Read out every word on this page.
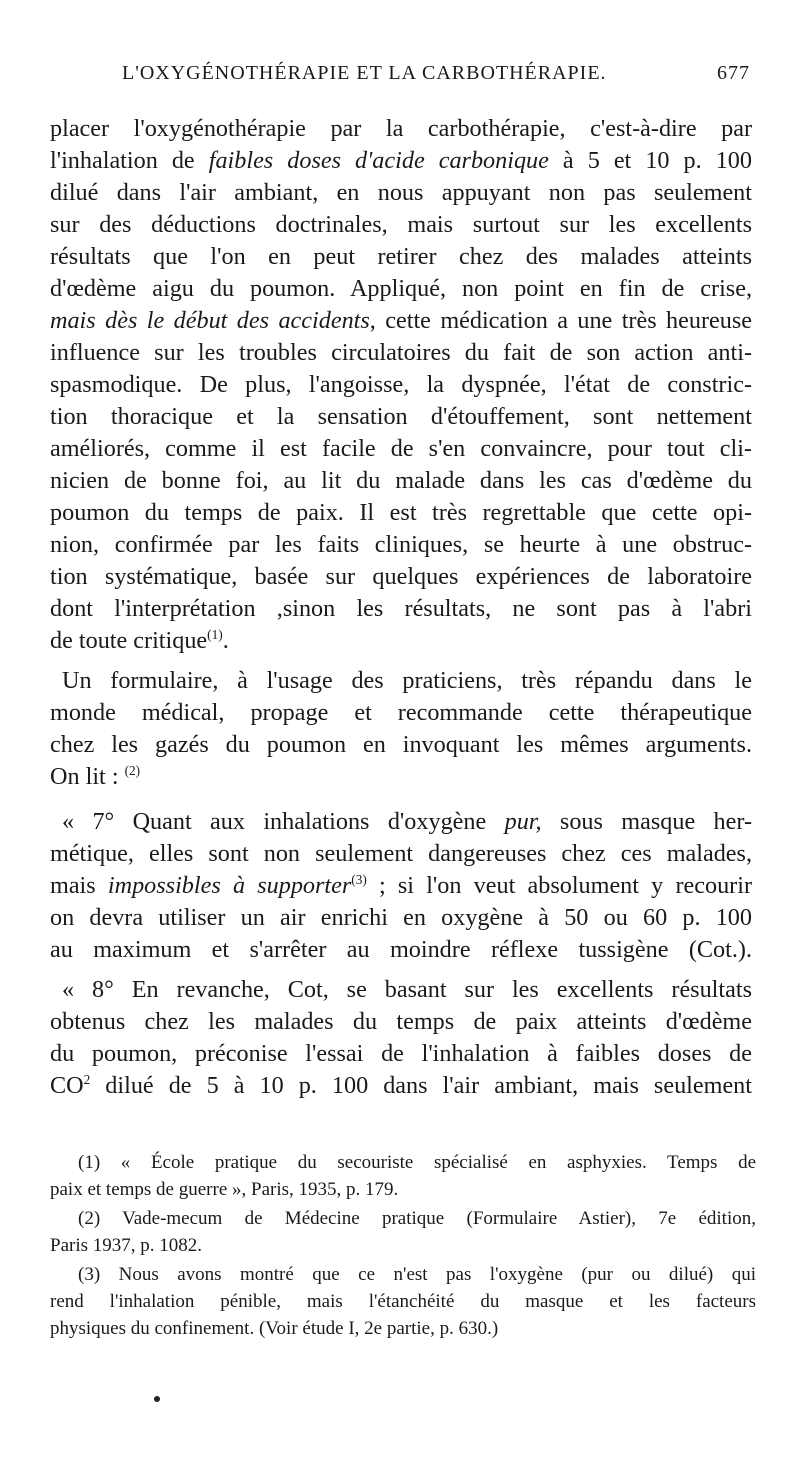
L'OXYGÉNOTHÉRAPIE ET LA CARBOTHÉRAPIE.	677
placer l'oxygénothérapie par la carbothérapie, c'est-à-dire par
l'inhalation de faibles doses d'acide carbonique à 5 et 10 p. 100
dilué dans l'air ambiant, en nous appuyant non pas seulement
sur des déductions doctrinales, mais surtout sur les excellents
résultats que l'on en peut retirer chez des malades atteints
d'œdème aigu du poumon. Appliqué, non point en fin de crise,
mais dès le début des accidents, cette médication a une très heureuse
influence sur les troubles circulatoires du fait de son action anti-
spasmodique. De plus, l'angoisse, la dyspnée, l'état de constric-
tion thoracique et la sensation d'étouffement, sont nettement
améliorés, comme il est facile de s'en convaincre, pour tout cli-
nicien de bonne foi, au lit du malade dans les cas d'œdème du
poumon du temps de paix. Il est très regrettable que cette opi-
nion, confirmée par les faits cliniques, se heurte à une obstruc-
tion systématique, basée sur quelques expériences de laboratoire
dont l'interprétation ,sinon les résultats, ne sont pas à l'abri
de toute critique$^{(1)}$.
Un formulaire, à l'usage des praticiens, très répandu dans le
monde médical, propage et recommande cette thérapeutique
chez les gazés du poumon en invoquant les mêmes arguments.
On lit : $^{(2)}$
« 7° Quant aux inhalations d'oxygène pur, sous masque her-
métique, elles sont non seulement dangereuses chez ces malades,
mais impossibles à supporter$^{(3)}$ ; si l'on veut absolument y recourir
on devra utiliser un air enrichi en oxygène à 50 ou 60 p. 100
au maximum et s'arrêter au moindre réflexe tussigène (Cot.).
« 8° En revanche, Cot, se basant sur les excellents résultats
obtenus chez les malades du temps de paix atteints d'œdème
du poumon, préconise l'essai de l'inhalation à faibles doses de
$CO^2$ dilué de 5 à 10 p. 100 dans l'air ambiant, mais seulement
(1) « École pratique du secouriste spécialisé en asphyxies. Temps de
paix et temps de guerre », Paris, 1935, p. 179.
(2) Vade-mecum de Médecine pratique (Formulaire Astier), 7e édition,
Paris 1937, p. 1082.
(3) Nous avons montré que ce n'est pas l'oxygène (pur ou dilué) qui
rend l'inhalation pénible, mais l'étanchéité du masque et les facteurs
physiques du confinement. (Voir étude I, 2e partie, p. 630.)
